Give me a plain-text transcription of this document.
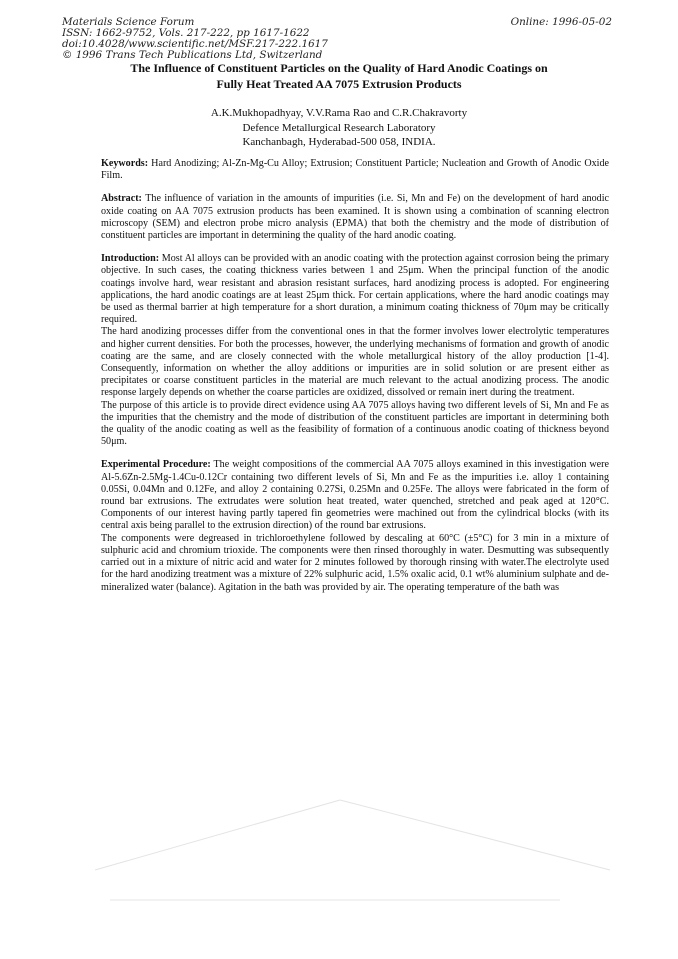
Materials Science Forum
ISSN: 1662-9752, Vols. 217-222, pp 1617-1622
doi:10.4028/www.scientific.net/MSF.217-222.1617
© 1996 Trans Tech Publications Ltd, Switzerland
Online: 1996-05-02
The Influence of Constituent Particles on the Quality of Hard Anodic Coatings on
Fully Heat Treated AA 7075 Extrusion Products
A.K.Mukhopadhyay, V.V.Rama Rao and C.R.Chakravorty
Defence Metallurgical Research Laboratory
Kanchanbagh, Hyderabad-500 058, INDIA.

Keywords: Hard Anodizing; Al-Zn-Mg-Cu Alloy; Extrusion; Constituent Particle; Nucleation and Growth of Anodic Oxide Film.

Abstract: The influence of variation in the amounts of impurities (i.e. Si, Mn and Fe) on the development of hard anodic oxide coating on AA 7075 extrusion products has been examined. It is shown using a combination of scanning electron microscopy (SEM) and electron probe micro analysis (EPMA) that both the chemistry and the mode of distribution of constituent particles are important in determining the quality of the hard anodic coating.

Introduction: Most Al alloys can be provided with an anodic coating with the protection against corrosion being the primary objective. In such cases, the coating thickness varies between 1 and 25μm. When the principal function of the anodic coatings involve hard, wear resistant and abrasion resistant surfaces, hard anodizing process is adopted. For engineering applications, the hard anodic coatings are at least 25μm thick. For certain applications, where the hard anodic coatings may be used as thermal barrier at high temperature for a short duration, a minimum coating thickness of 70μm may be critically required.

The hard anodizing processes differ from the conventional ones in that the former involves lower electrolytic temperatures and higher current densities. For both the processes, however, the underlying mechanisms of formation and growth of anodic coating are the same, and are closely connected with the whole metallurgical history of the alloy production [1-4]. Consequently, information on whether the alloy additions or impurities are in solid solution or are present either as precipitates or coarse constituent particles in the material are much relevant to the actual anodizing process. The anodic response largely depends on whether the coarse particles are oxidized, dissolved or remain inert during the treatment.

The purpose of this article is to provide direct evidence using AA 7075 alloys having two different levels of Si, Mn and Fe as the impurities that the chemistry and the mode of distribution of the constituent particles are important in determining both the quality of the anodic coating as well as the feasibility of formation of a continuous anodic coating of thickness beyond 50μm.

Experimental Procedure: The weight compositions of the commercial AA 7075 alloys examined in this investigation were Al-5.6Zn-2.5Mg-1.4Cu-0.12Cr containing two different levels of Si, Mn and Fe as the impurities i.e. alloy 1 containing 0.05Si, 0.04Mn and 0.12Fe, and alloy 2 containing 0.27Si, 0.25Mn and 0.25Fe. The alloys were fabricated in the form of round bar extrusions. The extrudates were solution heat treated, water quenched, stretched and peak aged at 120°C. Components of our interest having partly tapered fin geometries were machined out from the cylindrical blocks (with its central axis being parallel to the extrusion direction) of the round bar extrusions.

The components were degreased in trichloroethylene followed by descaling at 60°C (±5°C) for 3 min in a mixture of sulphuric acid and chromium trioxide. The components were then rinsed thoroughly in water. Desmutting was subsequently carried out in a mixture of nitric acid and water for 2 minutes followed by thorough rinsing with water.The electrolyte used for the hard anodizing treatment was a mixture of 22% sulphuric acid, 1.5% oxalic acid, 0.1 wt% aluminium sulphate and de-mineralized water (balance). Agitation in the bath was provided by air. The operating temperature of the bath was
